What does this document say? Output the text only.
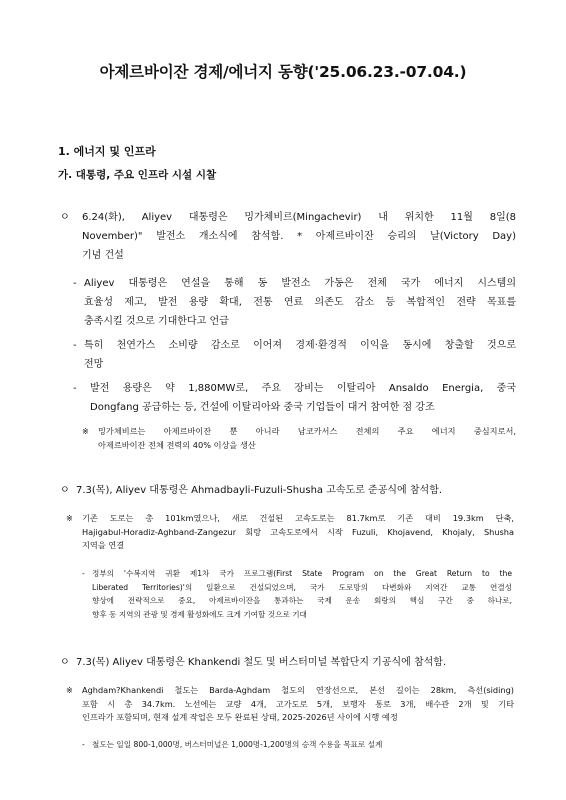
아제르바이잔 경제/에너지 동향('25.06.23.-07.04.)
1. 에너지 및 인프라
가. 대통령, 주요 인프라 시설 시찰
ㅇ 6.24(화), Aliyev 대통령은 밍가체비르(Mingachevir) 내 위치한 11월 8일(8
November)" 발전소 개소식에 참석함. * 아제르바이잔 승리의 날(Victory Day)
기념 건설
- Aliyev 대통령은 연설을 통해 동 발전소 가동은 전체 국가 에너지 시스템의
효율성 제고, 발전 용량 확대, 전통 연료 의존도 감소 등 복합적인 전략 목표를
충족시킬 것으로 기대한다고 언급
- 특히 천연가스 소비량 감소로 이어져 경제·환경적 이익을 동시에 창출할 것으로
전망
- 발전 용량은 약 1,880MW로, 주요 장비는 이탈리아 Ansaldo Energia, 중국
Dongfang 공급하는 등, 건설에 이탈리아와 중국 기업들이 대거 참여한 점 강조
※ 밍가체비르는 아제르바이잔 뿐 아니라 남코카서스 전체의 주요 에너지 중심지로서,
아제르바이잔 전체 전력의 40% 이상을 생산
ㅇ 7.3(목), Aliyev 대통령은 Ahmadbayli-Fuzuli-Shusha 고속도로 준공식에 참석함.
※ 기존 도로는 총 101km였으나, 새로 건설된 고속도로는 81.7km로 기존 대비 19.3km 단축,
Hajigabul-Horadiz-Aghband-Zangezur 회랑 고속도로에서 시작 Fuzuli, Khojavend, Khojaly, Shusha
지역을 연결
- 정부의 '수복지역 귀환 제1차 국가 프로그램(First State Program on the Great Return to the
Liberated Territories)'의 일환으로 건설되었으며, 국가 도로망의 다변화와 지역간 교통 연결성
향상에 전략적으로 중요, 아제르바이잔을 통과하는 국제 운송 회랑의 핵심 구간 중 하나로,
향후 동 지역의 관광 및 경제 활성화에도 크게 기여할 것으로 기대
ㅇ 7.3(목) Aliyev 대통령은 Khankendi 철도 및 버스터미널 복합단지 기공식에 참석함.
※ Aghdam?Khankendi 철도는 Barda-Aghdam 철도의 연장선으로, 본선 길이는 28km, 측선(siding)
포함 시 총 34.7km. 노선에는 교량 4개, 고가도로 5개, 보행자 통로 3개, 배수관 2개 및 기타
인프라가 포함되며, 현재 설계 작업은 모두 완료된 상태, 2025-2026년 사이에 시행 예정
- 철도는 일일 800-1,000명, 버스터미널은 1,000명-1,200명의 승객 수용을 목표로 설계
